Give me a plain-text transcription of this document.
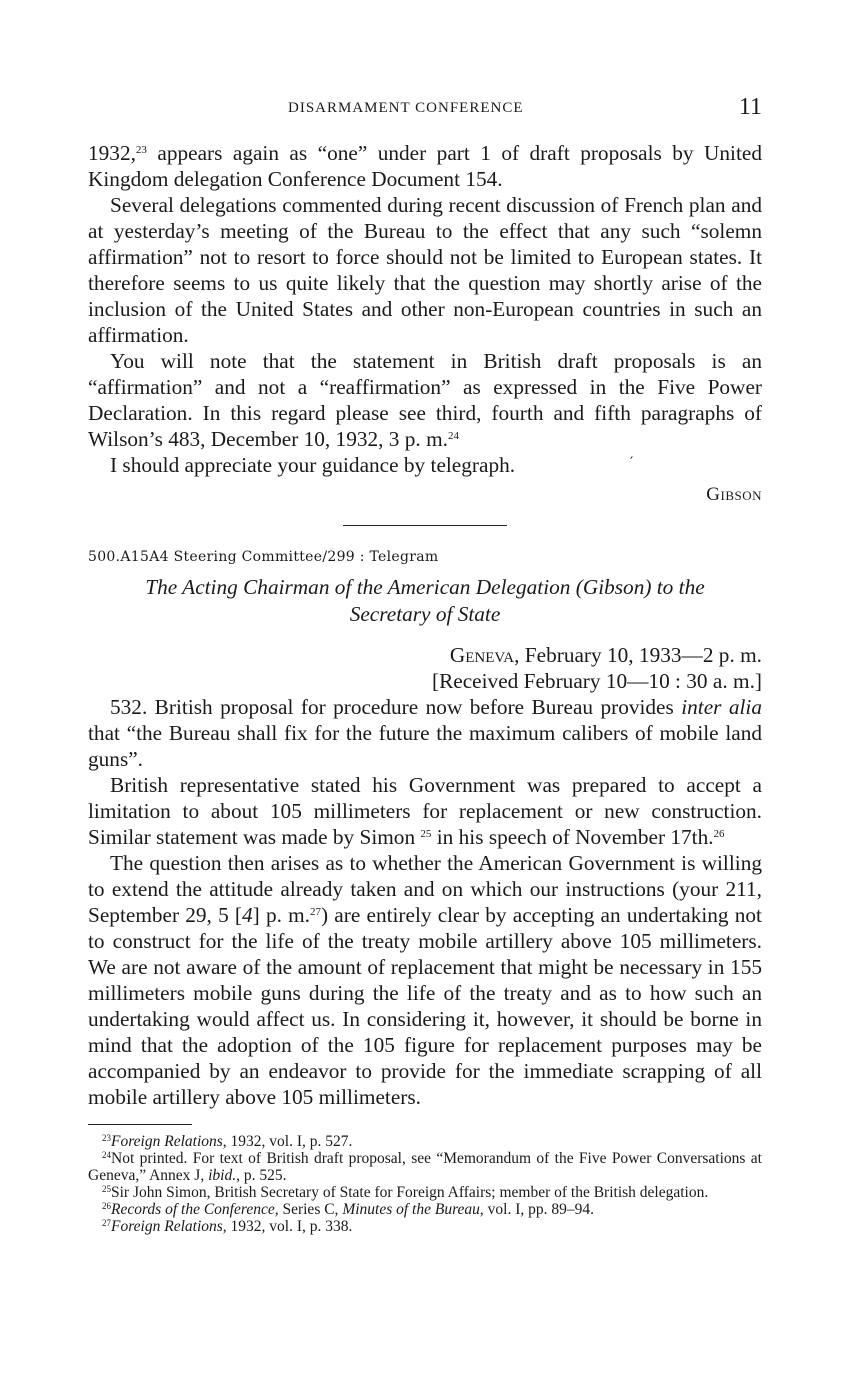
DISARMAMENT CONFERENCE	11
′

1932,23 appears again as “one” under part 1 of draft proposals by United Kingdom delegation Conference Document 154.

Several delegations commented during recent discussion of French plan and at yesterday’s meeting of the Bureau to the effect that any such “solemn affirmation” not to resort to force should not be limited to European states. It therefore seems to us quite likely that the question may shortly arise of the inclusion of the United States and other non-European countries in such an affirmation.

You will note that the statement in British draft proposals is an “affirmation” and not a “reaffirmation” as expressed in the Five Power Declaration. In this regard please see third, fourth and fifth paragraphs of Wilson’s 483, December 10, 1932, 3 p. m.$^{24}$

I should appreciate your guidance by telegraph.

Gibson

500.A15A4 Steering Committee/299 : Telegram

The Acting Chairman of the American Delegation (Gibson) to the
Secretary of State

Geneva, February 10, 1933—2 p. m.

[Received February 10—10 : 30 a. m.]

532. British proposal for procedure now before Bureau provides inter alia that “the Bureau shall fix for the future the maximum calibers of mobile land guns”.

British representative stated his Government was prepared to accept a limitation to about 105 millimeters for replacement or new construction. Similar statement was made by Simon $^{25}$ in his speech of November 17th.$^{26}$

The question then arises as to whether the American Government is willing to extend the attitude already taken and on which our instructions (your 211, September 29, 5 [4] p. m.$^{27}$) are entirely clear by accepting an undertaking not to construct for the life of the treaty mobile artillery above 105 millimeters. We are not aware of the amount of replacement that might be necessary in 155 millimeters mobile guns during the life of the treaty and as to how such an undertaking would affect us. In considering it, however, it should be borne in mind that the adoption of the 105 figure for replacement purposes may be accompanied by an endeavor to provide for the immediate scrapping of all mobile artillery above 105 millimeters.

$^{23}$Foreign Relations, 1932, vol. I, p. 527.

$^{24}$Not printed. For text of British draft proposal, see “Memorandum of the Five Power Conversations at Geneva,” Annex J, ibid., p. 525.

$^{25}$Sir John Simon, British Secretary of State for Foreign Affairs; member of the British delegation.

$^{26}$Records of the Conference, Series C, Minutes of the Bureau, vol. I, pp. 89–94.

$^{27}$Foreign Relations, 1932, vol. I, p. 338.
